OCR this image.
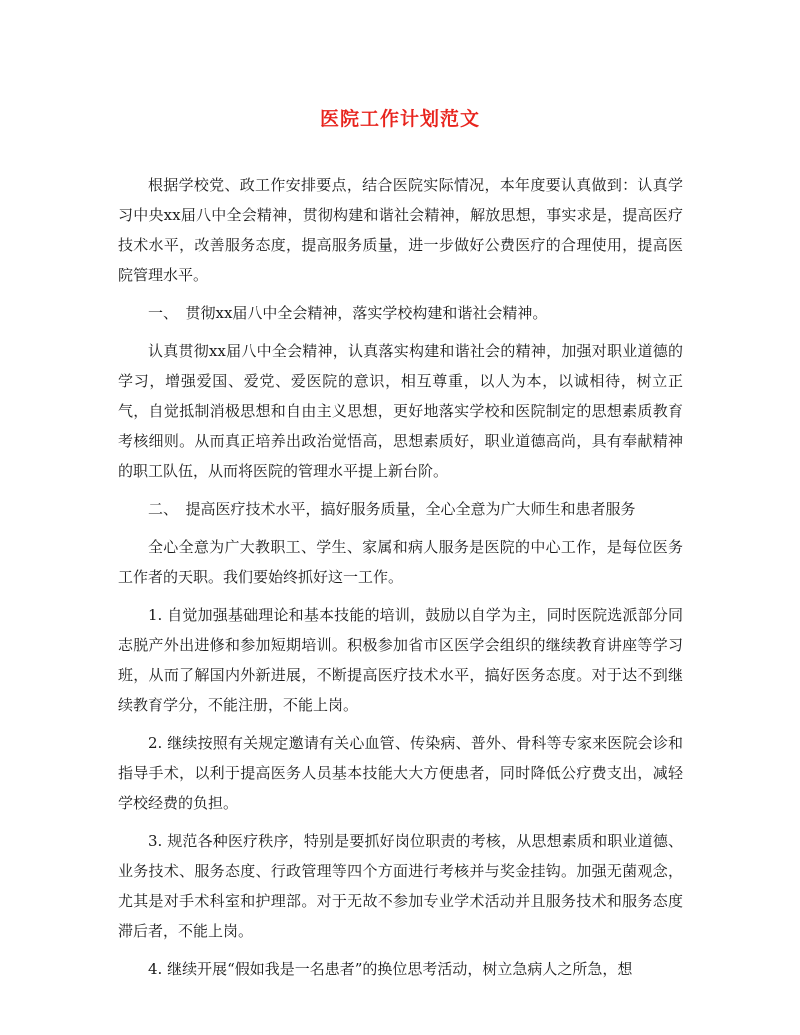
医院工作计划范文

根据学校党、政工作安排要点，结合医院实际情况，本年度要认真做到：认真学习中央xx届八中全会精神，贯彻构建和谐社会精神，解放思想，事实求是，提高医疗技术水平，改善服务态度，提高服务质量，进一步做好公费医疗的合理使用，提高医院管理水平。

一、　贯彻xx届八中全会精神，落实学校构建和谐社会精神。

认真贯彻xx届八中全会精神，认真落实构建和谐社会的精神，加强对职业道德的学习，增强爱国、爱党、爱医院的意识，相互尊重，以人为本，以诚相待，树立正气，自觉抵制消极思想和自由主义思想，更好地落实学校和医院制定的思想素质教育考核细则。从而真正培养出政治觉悟高，思想素质好，职业道德高尚，具有奉献精神的职工队伍，从而将医院的管理水平提上新台阶。

二、　提高医疗技术水平，搞好服务质量，全心全意为广大师生和患者服务

全心全意为广大教职工、学生、家属和病人服务是医院的中心工作，是每位医务工作者的天职。我们要始终抓好这一工作。

1. 自觉加强基础理论和基本技能的培训，鼓励以自学为主，同时医院选派部分同志脱产外出进修和参加短期培训。积极参加省市区医学会组织的继续教育讲座等学习班，从而了解国内外新进展，不断提高医疗技术水平，搞好医务态度。对于达不到继续教育学分，不能注册，不能上岗。

2. 继续按照有关规定邀请有关心血管、传染病、普外、骨科等专家来医院会诊和指导手术，以利于提高医务人员基本技能大大方便患者，同时降低公疗费支出，减轻学校经费的负担。

3. 规范各种医疗秩序，特别是要抓好岗位职责的考核，从思想素质和职业道德、业务技术、服务态度、行政管理等四个方面进行考核并与奖金挂钩。加强无菌观念，尤其是对手术科室和护理部。对于无故不参加专业学术活动并且服务技术和服务态度滞后者，不能上岗。

4. 继续开展“假如我是一名患者”的换位思考活动，树立急病人之所急，想
